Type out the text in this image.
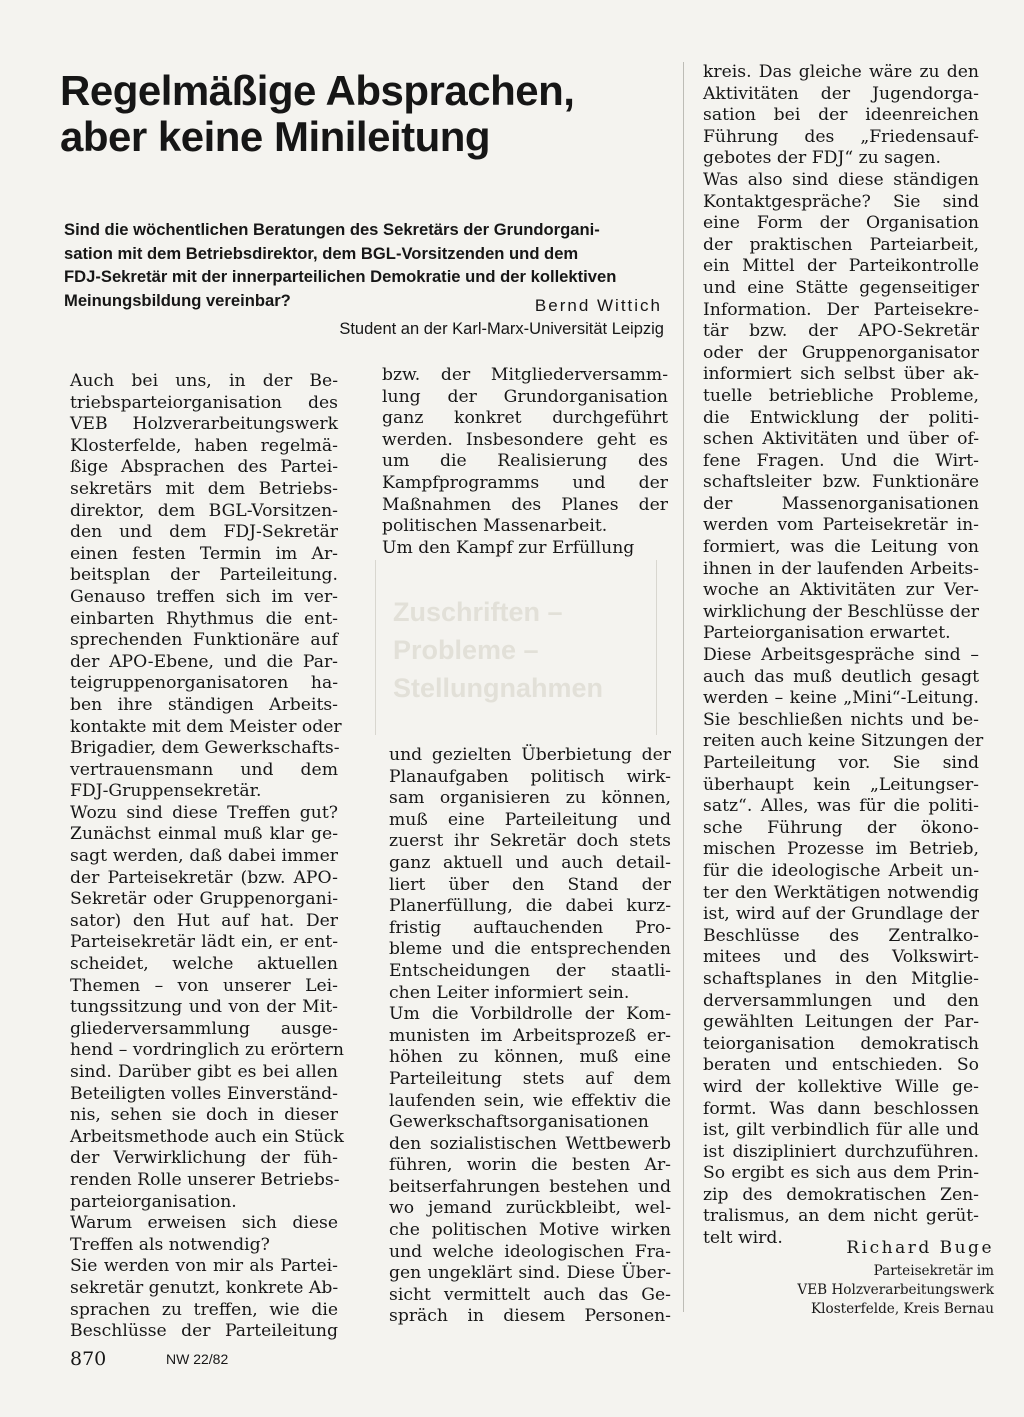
Regelmäßige Absprachen,
aber keine Minileitung
Sind die wöchentlichen Beratungen des Sekretärs der Grundorgani-
sation mit dem Betriebsdirektor, dem BGL-Vorsitzenden und dem
FDJ-Sekretär mit der innerparteilichen Demokratie und der kollektiven
Meinungsbildung vereinbar?	Bernd Wittich
Student an der Karl-Marx-Universität Leipzig

Auch bei uns, in der Be-

triebsparteiorganisation des

VEB Holzverarbeitungswerk

Klosterfelde, haben regelmä-

ßige Absprachen des Partei-

sekretärs mit dem Betriebs-

direktor, dem BGL-Vorsitzen-

den und dem FDJ-Sekretär

einen festen Termin im Ar-

beitsplan der Parteileitung.

Genauso treffen sich im ver-

einbarten Rhythmus die ent-

sprechenden Funktionäre auf

der APO-Ebene, und die Par-

teigruppenorganisatoren ha-

ben ihre ständigen Arbeits-

kontakte mit dem Meister oder

Brigadier, dem Gewerkschafts-

vertrauensmann und dem

FDJ-Gruppensekretär.

Wozu sind diese Treffen gut?

Zunächst einmal muß klar ge-

sagt werden, daß dabei immer

der Parteisekretär (bzw. APO-

Sekretär oder Gruppenorgani-

sator) den Hut auf hat. Der

Parteisekretär lädt ein, er ent-

scheidet, welche aktuellen

Themen – von unserer Lei-

tungssitzung und von der Mit-

gliederversammlung ausge-

hend – vordringlich zu erörtern

sind. Darüber gibt es bei allen

Beteiligten volles Einverständ-

nis, sehen sie doch in dieser

Arbeitsmethode auch ein Stück

der Verwirklichung der füh-

renden Rolle unserer Betriebs-

parteiorganisation.

Warum erweisen sich diese

Treffen als notwendig?

Sie werden von mir als Partei-

sekretär genutzt, konkrete Ab-

sprachen zu treffen, wie die

Beschlüsse der Parteileitung

bzw. der Mitgliederversamm-

lung der Grundorganisation

ganz konkret durchgeführt

werden. Insbesondere geht es

um die Realisierung des

Kampfprogramms und der

Maßnahmen des Planes der

politischen Massenarbeit.

Um den Kampf zur Erfüllung

Zuschriften –
Probleme –
Stellungnahmen

und gezielten Überbietung der

Planaufgaben politisch wirk-

sam organisieren zu können,

muß eine Parteileitung und

zuerst ihr Sekretär doch stets

ganz aktuell und auch detail-

liert über den Stand der

Planerfüllung, die dabei kurz-

fristig auftauchenden Pro-

bleme und die entsprechenden

Entscheidungen der staatli-

chen Leiter informiert sein.

Um die Vorbildrolle der Kom-

munisten im Arbeitsprozeß er-

höhen zu können, muß eine

Parteileitung stets auf dem

laufenden sein, wie effektiv die

Gewerkschaftsorganisationen

den sozialistischen Wettbewerb

führen, worin die besten Ar-

beitserfahrungen bestehen und

wo jemand zurückbleibt, wel-

che politischen Motive wirken

und welche ideologischen Fra-

gen ungeklärt sind. Diese Über-

sicht vermittelt auch das Ge-

spräch in diesem Personen-

kreis. Das gleiche wäre zu den

Aktivitäten der Jugendorga-

sation bei der ideenreichen

Führung des „Friedensauf-

gebotes der FDJ“ zu sagen.

Was also sind diese ständigen

Kontaktgespräche? Sie sind

eine Form der Organisation

der praktischen Parteiarbeit,

ein Mittel der Parteikontrolle

und eine Stätte gegenseitiger

Information. Der Parteisekre-

tär bzw. der APO-Sekretär

oder der Gruppenorganisator

informiert sich selbst über ak-

tuelle betriebliche Probleme,

die Entwicklung der politi-

schen Aktivitäten und über of-

fene Fragen. Und die Wirt-

schaftsleiter bzw. Funktionäre

der Massenorganisationen

werden vom Parteisekretär in-

formiert, was die Leitung von

ihnen in der laufenden Arbeits-

woche an Aktivitäten zur Ver-

wirklichung der Beschlüsse der

Parteiorganisation erwartet.

Diese Arbeitsgespräche sind –

auch das muß deutlich gesagt

werden – keine „Mini“-Leitung.

Sie beschließen nichts und be-

reiten auch keine Sitzungen der

Parteileitung vor. Sie sind

überhaupt kein „Leitungser-

satz“. Alles, was für die politi-

sche Führung der ökono-

mischen Prozesse im Betrieb,

für die ideologische Arbeit un-

ter den Werktätigen notwendig

ist, wird auf der Grundlage der

Beschlüsse des Zentralko-

mitees und des Volkswirt-

schaftsplanes in den Mitglie-

derversammlungen und den

gewählten Leitungen der Par-

teiorganisation demokratisch

beraten und entschieden. So

wird der kollektive Wille ge-

formt. Was dann beschlossen

ist, gilt verbindlich für alle und

ist diszipliniert durchzuführen.

So ergibt es sich aus dem Prin-

zip des demokratischen Zen-

tralismus, an dem nicht gerüt-

telt wird.	Richard Buge
Parteisekretär im
VEB Holzverarbeitungswerk
Klosterfelde, Kreis Bernau
870	NW 22/82
